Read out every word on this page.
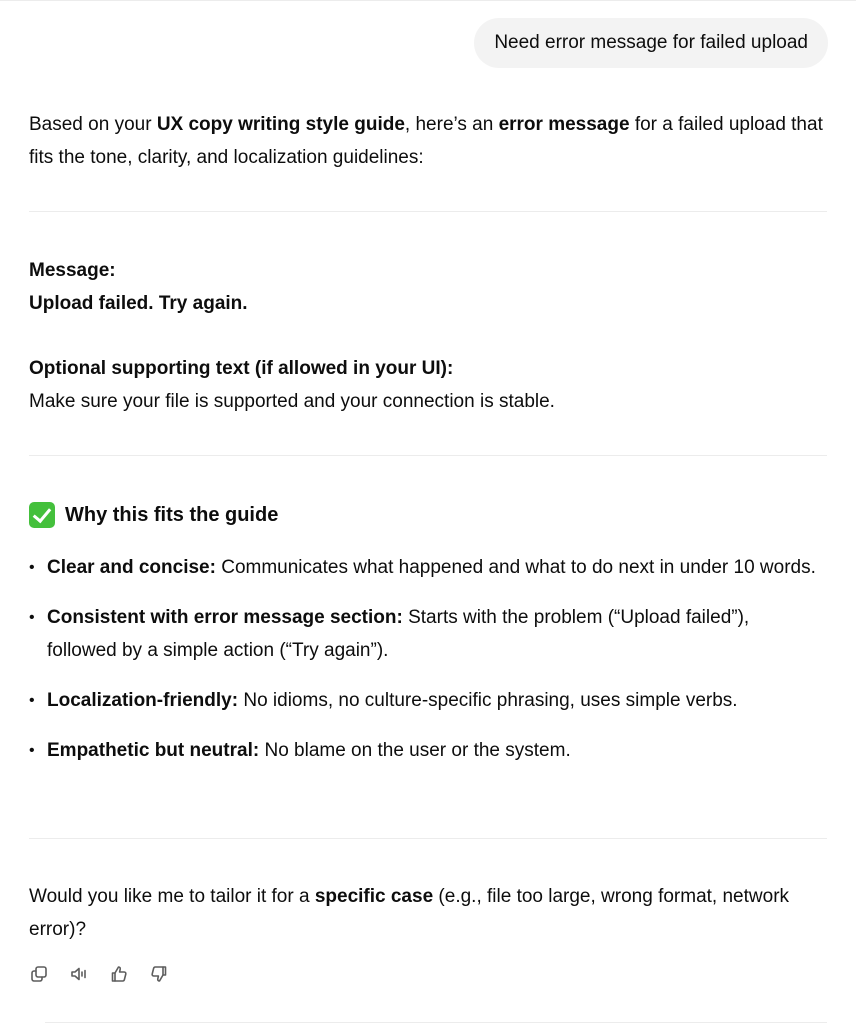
Need error message for failed upload

Based on your UX copy writing style guide, here’s an error message for a failed upload that fits the tone, clarity, and localization guidelines:

Message:
Upload failed. Try again.

Optional supporting text (if allowed in your UI):
Make sure your file is supported and your connection is stable.

Why this fits the guide
• Clear and concise: Communicates what happened and what to do next in under 10 words.
• Consistent with error message section: Starts with the problem (“Upload failed”), followed by a simple action (“Try again”).
• Localization-friendly: No idioms, no culture-specific phrasing, uses simple verbs.
• Empathetic but neutral: No blame on the user or the system.

Would you like me to tailor it for a specific case (e.g., file too large, wrong format, network error)?
